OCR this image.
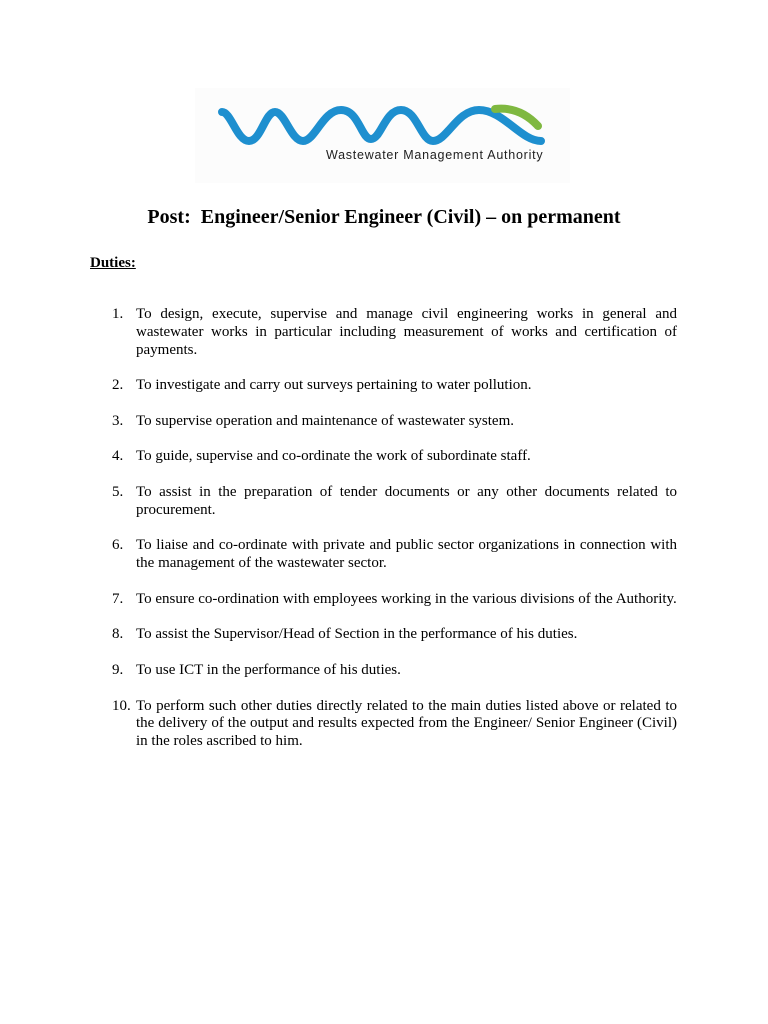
Wastewater Management Authority
Post:  Engineer/Senior Engineer (Civil) – on permanent
Duties:
1. To design, execute, supervise and manage civil engineering works in general and wastewater works in particular including measurement of works and certification of payments.
2. To investigate and carry out surveys pertaining to water pollution.
3. To supervise operation and maintenance of wastewater system.
4. To guide, supervise and co-ordinate the work of subordinate staff.
5. To assist in the preparation of tender documents or any other documents related to procurement.
6. To liaise and co-ordinate with private and public sector organizations in connection with the management of the wastewater sector.
7. To ensure co-ordination with employees working in the various divisions of the Authority.
8. To assist the Supervisor/Head of Section in the performance of his duties.
9. To use ICT in the performance of his duties.
10. To perform such other duties directly related to the main duties listed above or related to the delivery of the output and results expected from the Engineer/ Senior Engineer (Civil) in the roles ascribed to him.
